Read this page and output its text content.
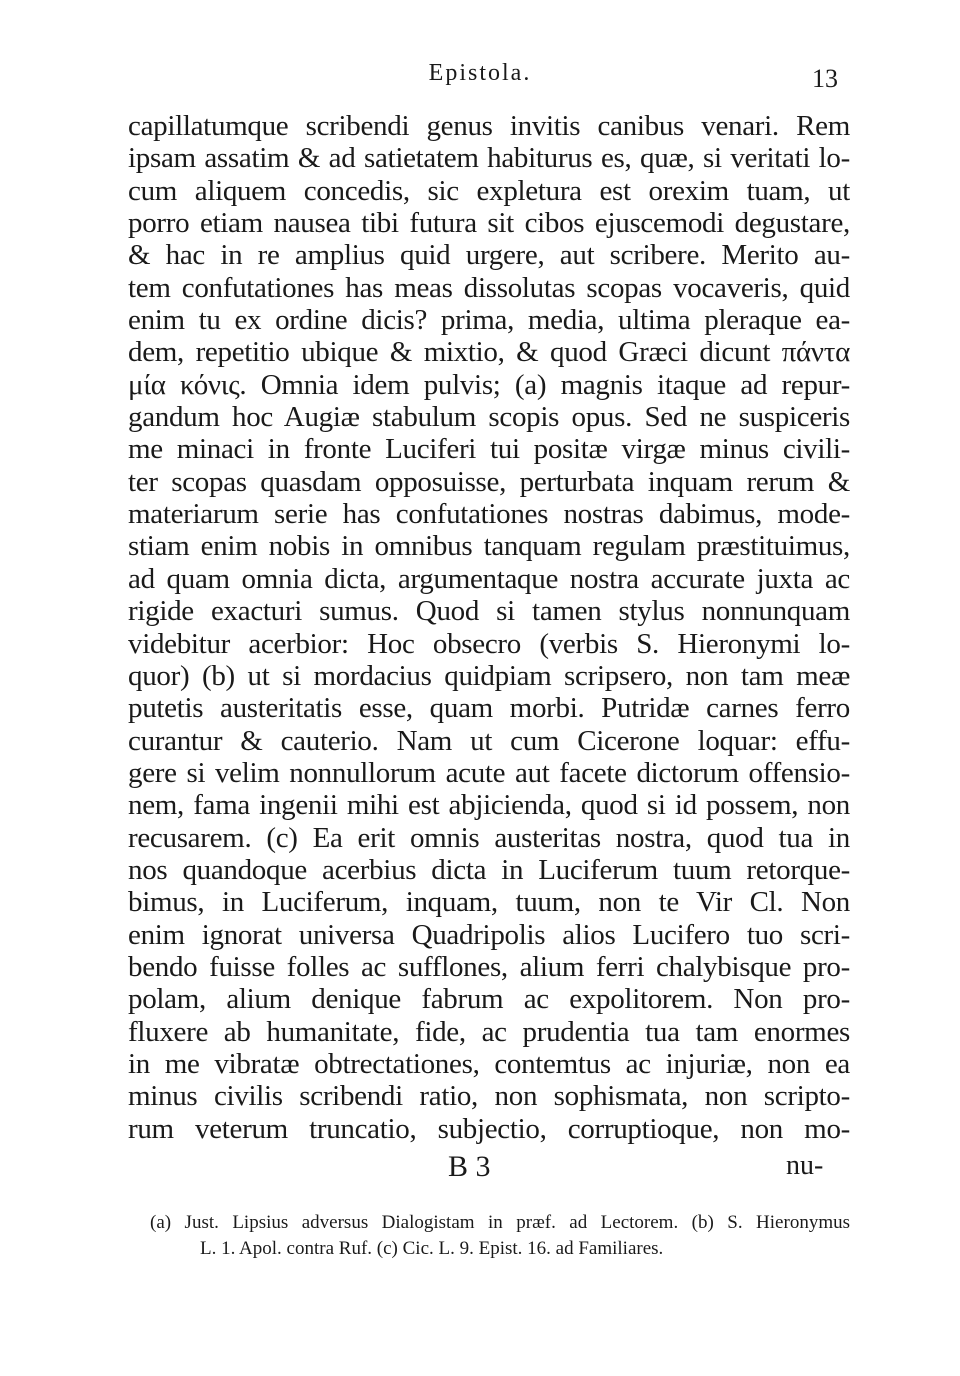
Epistola.	13
capillatumque scribendi genus invitis canibus venari. Rem
ipsam assatim & ad satietatem habiturus es, quæ, si veritati lo-
cum aliquem concedis, sic expletura est orexim tuam, ut
porro etiam nausea tibi futura sit cibos ejuscemodi degustare,
& hac in re amplius quid urgere, aut scribere. Merito au-
tem confutationes has meas dissolutas scopas vocaveris, quid
enim tu ex ordine dicis? prima, media, ultima pleraque ea-
dem, repetitio ubique & mixtio, & quod Græci dicunt πάντα
μία κόνις. Omnia idem pulvis; (a) magnis itaque ad repur-
gandum hoc Augiæ stabulum scopis opus. Sed ne suspiceris
me minaci in fronte Luciferi tui positæ virgæ minus civili-
ter scopas quasdam opposuisse, perturbata inquam rerum &
materiarum serie has confutationes nostras dabimus, mode-
stiam enim nobis in omnibus tanquam regulam præstituimus,
ad quam omnia dicta, argumentaque nostra accurate juxta ac
rigide exacturi sumus. Quod si tamen stylus nonnunquam
videbitur acerbior: Hoc obsecro (verbis S. Hieronymi lo-
quor) (b) ut si mordacius quidpiam scripsero, non tam meæ
putetis austeritatis esse, quam morbi. Putridæ carnes ferro
curantur & cauterio. Nam ut cum Cicerone loquar: effu-
gere si velim nonnullorum acute aut facete dictorum offensio-
nem, fama ingenii mihi est abjicienda, quod si id possem, non
recusarem. (c) Ea erit omnis austeritas nostra, quod tua in
nos quandoque acerbius dicta in Luciferum tuum retorque-
bimus, in Luciferum, inquam, tuum, non te Vir Cl. Non
enim ignorat universa Quadripolis alios Lucifero tuo scri-
bendo fuisse folles ac sufflones, alium ferri chalybisque pro-
polam, alium denique fabrum ac expolitorem. Non pro-
fluxere ab humanitate, fide, ac prudentia tua tam enormes
in me vibratæ obtrectationes, contemtus ac injuriæ, non ea
minus civilis scribendi ratio, non sophismata, non scripto-
rum veterum truncatio, subjectio, corruptioque, non mo-
B 3	nu-
(a) Just. Lipsius adversus Dialogistam in præf. ad Lectorem. (b) S. Hieronymus
L. 1. Apol. contra Ruf. (c) Cic. L. 9. Epist. 16. ad Familiares.
